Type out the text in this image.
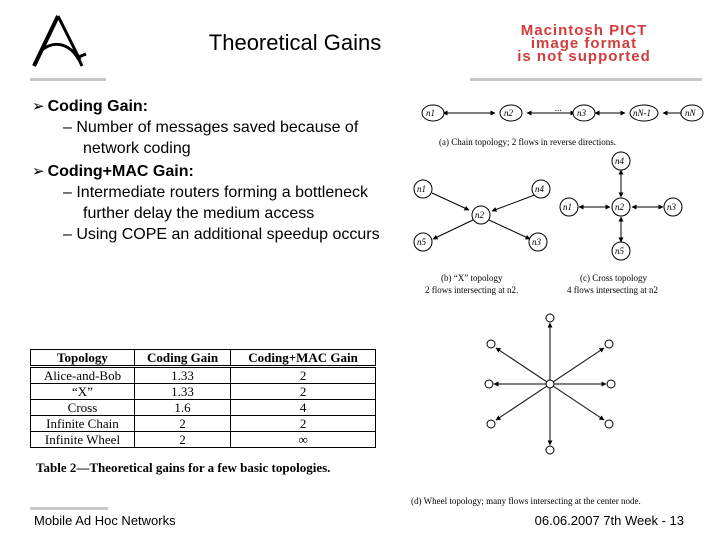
Theoretical Gains	Macintosh PICT
image format
is not supported
➢ Coding Gain:
– Number of messages saved because of network coding
➢ Coding+MAC Gain:
– Intermediate routers forming a bottleneck further delay the medium access
– Using COPE an additional speedup occurs
Topology	Coding Gain	Coding+MAC Gain
Alice-and-Bob	1.33	2
“X”	1.33	2
Cross	1.6	4
Infinite Chain	2	2
Infinite Wheel	2	∞
Table 2—Theoretical gains for a few basic topologies.
n1	n2	n3
...	nN-1	nN
(a) Chain topology; 2 flows in reverse directions.
n1
n2
n3
n4
n5
(b) “X” topology
2 flows intersecting at n2.
n4
n1	n2	n3
n5
(c) Cross topology
4 flows intersecting at n2
(d) Wheel topology; many flows intersecting at the center node.
Mobile Ad Hoc Networks	06.06.2007 7th Week - 13
